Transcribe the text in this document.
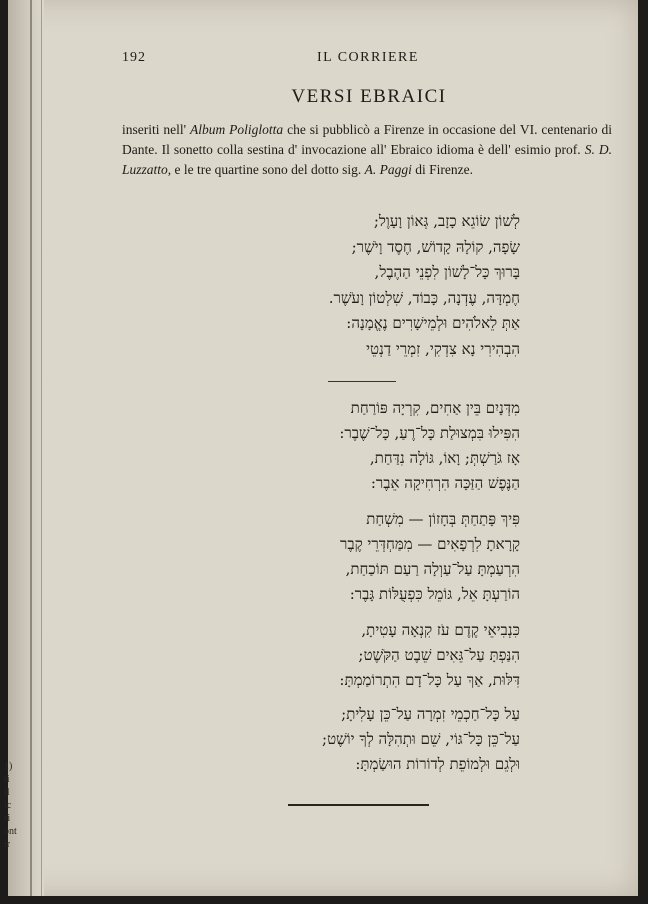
1)
ti
il
ic
ri
ont
ir
192	IL CORRIERE
VERSI EBRAICI
inseriti nell' Album Poliglotta che si pubblicò a Firenze in occasione del VI. centenario di Dante. Il sonetto colla sestina d' invocazione all' Ebraico idioma è dell' esimio prof. S. D. Luzzatto, e le tre quartine sono del dotto sig. A. Paggi di Firenze.
לְשׁוֹן שׂוֹגֵא כָזָב, גְּאוֹן וָעָוֶל;
שָׂפָה, קוֹלָהּ קָדוֹשׁ, חֶסֶד וָיֹשֶׁר;
בָּרוּךְ כָּל־לָשׁוֹן לִפְנֵי הַהֶבֶל,
חֶמְדָּה, עֶדְנָה, כָּבוֹד, שִׁלְטוֹן וָעֹשֶׁר.
אַתְּ לֵאלֹהִים וּלְמֵישָׁרִים נֶאֱמָנָה:
הִבְהִירִי נָא צִדְקִי, זִמְרֵי דַנְטֵי
מִדְּנָיִם בֵּין אַחִים, קִרְיָה פּוֹרַחַת
הִפִּילוּ בִּמְצוּלַת כָּל־רֶעַ, כָּל־שֶׁבֶר:
אָז גֹּרַשְׁתְּ; וָאוֹ, גּוֹלָה נִדַּחַת,
הַנֶּפֶשׁ הַזַּכָּה הִרְחִיקָה אֵבֶר:
פִּיךְ פָּתַחַתְּ בְּחָזוֹן — מִשְׁחַת
קָרָאתָ לִרְפָאִים — מִמַּחְדְּרֵי קֶבֶר
הִרְעַמְתָּ עַל־עַוְלָה רַעַם תּוֹכַחַת,
הוֹרַעְתָּ אֵל, גּוֹמֵל כִּפְעֻלּוֹת גָּבֶר:
כִּנְבִיאֵי קֶדֶם עֹז קִנְאָה עָטִיתָ,
הִנַּפְתָּ עַל־גֵּאִים שֵׁבֶט הַקֹּשֶׁט;
דִּלּוּת, אַךְ עַל כָּל־דָם הִתְרוֹמַמְתָּ:
עַל כָּל־חַכְמֵי זִמְרָה עַל־כֵּן עָלִיתָ;
עַל־כֵּן כָּל־גּוֹי, שֵׁם וּתְהִלָּה לְךָ יוֹשֶׁט;
וּלְגֵם וּלְמוֹפֵת לְדוֹרוֹת הוּשַׂמְתָּ:
